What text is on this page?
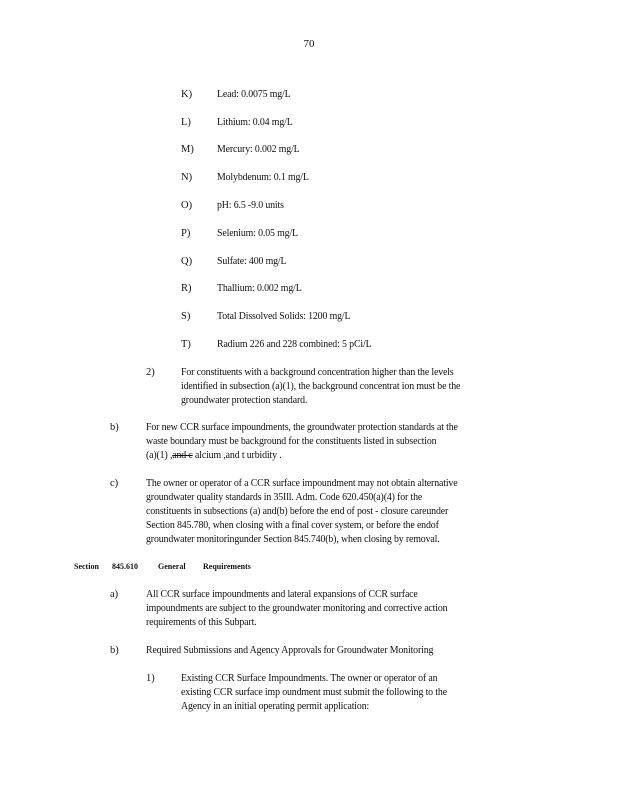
70
K) Lead: 0.0075 mg/L
L) Lithium: 0.04 mg/L
M) Mercury: 0.002 mg/L
N) Molybdenum: 0.1 mg/L
O) pH: 6.5 -9.0 units
P)	Selenium: 0.05 mg/L
Q) Sulfate: 400 mg/L
R) Thallium: 0.002 mg/L
S)	Total Dissolved Solids: 1200 mg/L
T) Radium 226 and 228 combined: 5 pCi/L
2)	For constituents with a background concentration higher than the levels
identified in subsection (a)(1), the background concentrat ion must be the
groundwater protection standard.
b)	For new CCR surface impoundments, the groundwater protection standards at the
waste boundary must be background for the constituents listed in subsection
(a)(1) ,and c alcium ,and t urbidity .
c)	The owner or operator of a CCR surface impoundment may not obtain alternative
groundwater quality standards in 35Ill. Adm. Code 620.450(a)(4) for the
constituents in subsections (a) and(b) before the end of post - closure careunder
Section 845.780, when closing with a final cover system, or before the endof
groundwater monitoringunder Section 845.740(b), when closing by removal.
Section 845.610	General Requirements
a)	All CCR surface impoundments and lateral expansions of CCR surface
impoundments are subject to the groundwater monitoring and corrective action
requirements of this Subpart.
b)	Required Submissions and Agency Approvals for Groundwater Monitoring
1)	Existing CCR Surface Impoundments. The owner or operator of an
existing CCR surface imp oundment must submit the following to the
Agency in an initial operating permit application:
